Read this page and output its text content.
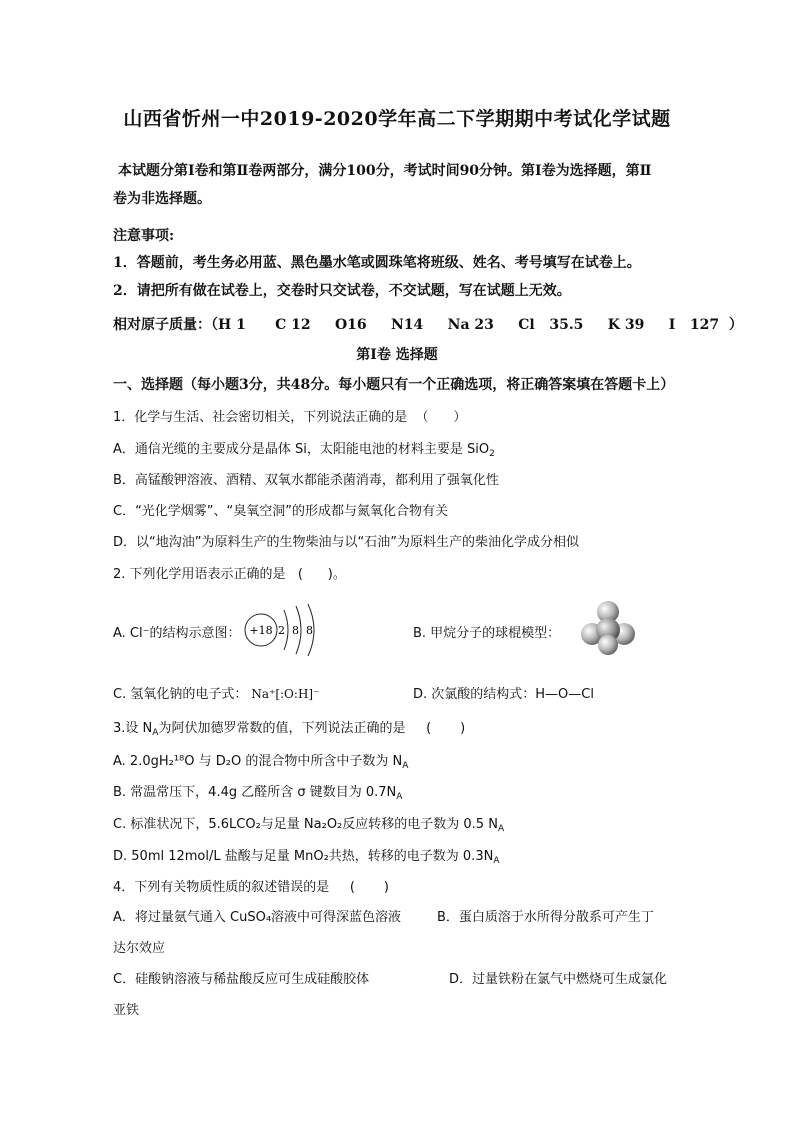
山西省忻州一中2019-2020学年高二下学期期中考试化学试题
本试题分第Ⅰ卷和第Ⅱ卷两部分，满分100分，考试时间90分钟。第Ⅰ卷为选择题，第Ⅱ
卷为非选择题。
注意事项:
1．答题前，考生务必用蓝、黑色墨水笔或圆珠笔将班级、姓名、考号填写在试卷上。
2．请把所有做在试卷上，交卷时只交试卷，不交试题，写在试题上无效。
相对原子质量：（H 1      C 12     O16     N14     Na 23     Cl   35.5     K 39     I   127  ）
第Ⅰ卷 选择题
一、选择题（每小题3分，共48分。每小题只有一个正确选项，将正确答案填在答题卡上）
1．化学与生活、社会密切相关，下列说法正确的是  （      ）
A．通信光缆的主要成分是晶体 Si，太阳能电池的材料主要是 SiO$_2$
B．高锰酸钾溶液、酒精、双氧水都能杀菌消毒，都利用了强氧化性
C．“光化学烟雾”、“臭氧空洞”的形成都与氮氧化合物有关
D．以“地沟油”为原料生产的生物柴油与以“石油”为原料生产的柴油化学成分相似
2. 下列化学用语表示正确的是   (      )。
A. Cl⁻的结构示意图： +18 2  8  8	B. 甲烷分子的球棍模型：
C. 氢氧化钠的电子式： Na⁺[:O:H]⁻	D. 次氯酸的结构式：H—O—Cl
3.设 $N_A$为阿伏加德罗常数的值，下列说法正确的是     (       )
A. 2.0gH₂¹⁸O 与 D₂O 的混合物中所含中子数为 $N_A$
B. 常温常压下，4.4g 乙醛所含 σ 键数目为 $0.7N_A$
C. 标准状况下，5.6LCO₂与足量 Na₂O₂反应转移的电子数为 0.5 $N_A$
D. 50ml 12mol/L 盐酸与足量 MnO₂共热，转移的电子数为 $0.3N_A$
4．下列有关物质性质的叙述错误的是     (       )
A．将过量氨气通入 CuSO₄溶液中可得深蓝色溶液	B．蛋白质溶于水所得分散系可产生丁
达尔效应
C．硅酸钠溶液与稀盐酸反应可生成硅酸胶体	D．过量铁粉在氯气中燃烧可生成氯化
亚铁
